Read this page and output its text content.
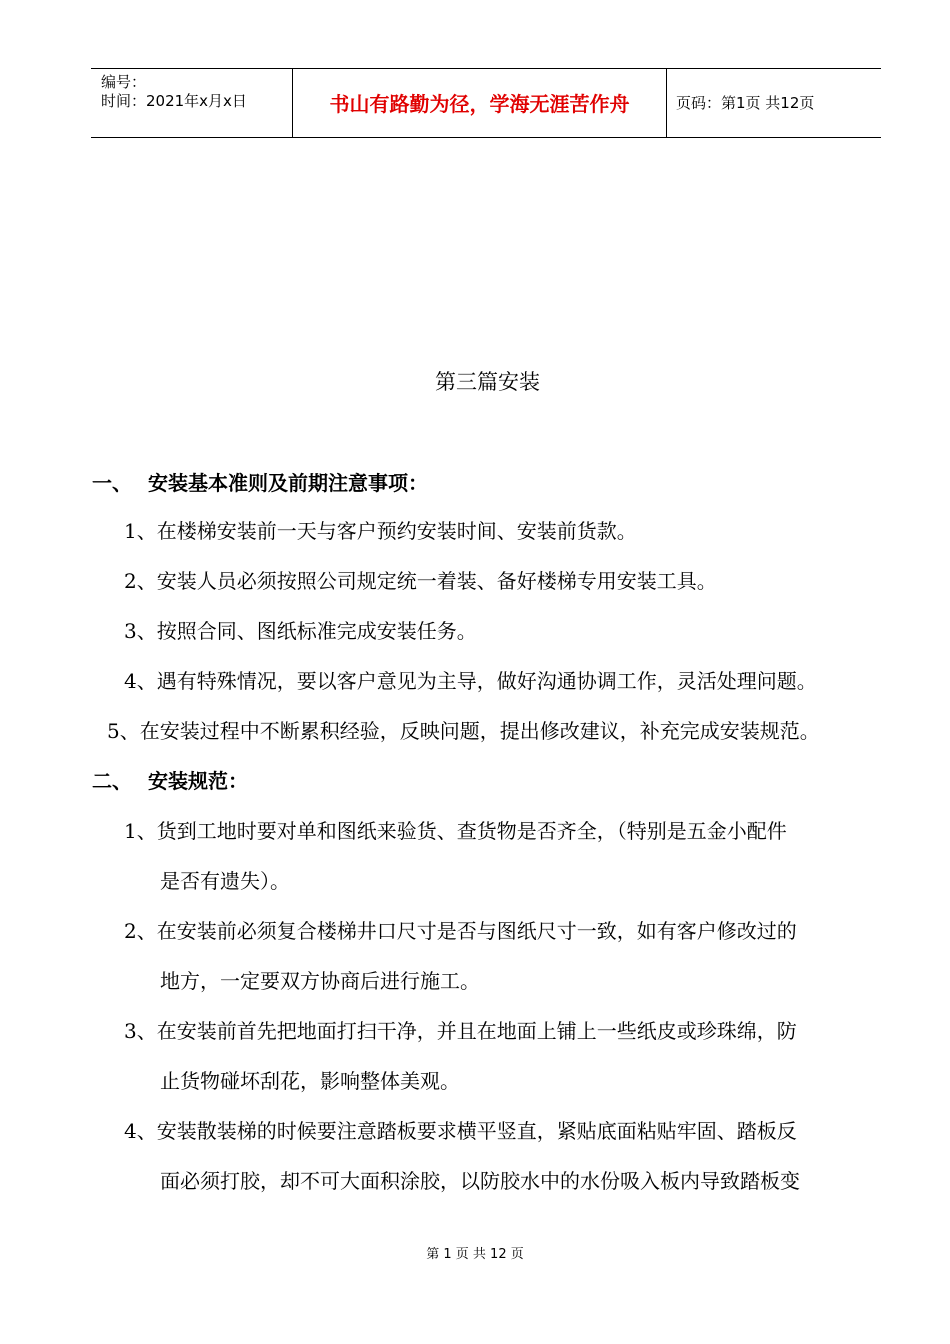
编号：
时间：2021年x月x日	书山有路勤为径，学海无涯苦作舟	页码：第1页 共12页
第三篇安装
一、 安装基本准则及前期注意事项：
1、在楼梯安装前一天与客户预约安装时间、安装前货款。
2、安装人员必须按照公司规定统一着装、备好楼梯专用安装工具。
3、按照合同、图纸标准完成安装任务。
4、遇有特殊情况，要以客户意见为主导，做好沟通协调工作，灵活处理问题。
5、在安装过程中不断累积经验，反映问题，提出修改建议，补充完成安装规范。
二、 安装规范：
1、货到工地时要对单和图纸来验货、查货物是否齐全，（特别是五金小配件
是否有遗失）。
2、在安装前必须复合楼梯井口尺寸是否与图纸尺寸一致，如有客户修改过的
地方，一定要双方协商后进行施工。
3、在安装前首先把地面打扫干净，并且在地面上铺上一些纸皮或珍珠绵，防
止货物碰坏刮花，影响整体美观。
4、安装散装梯的时候要注意踏板要求横平竖直，紧贴底面粘贴牢固、踏板反
面必须打胶，却不可大面积涂胶，以防胶水中的水份吸入板内导致踏板变
第 1 页 共 12 页
